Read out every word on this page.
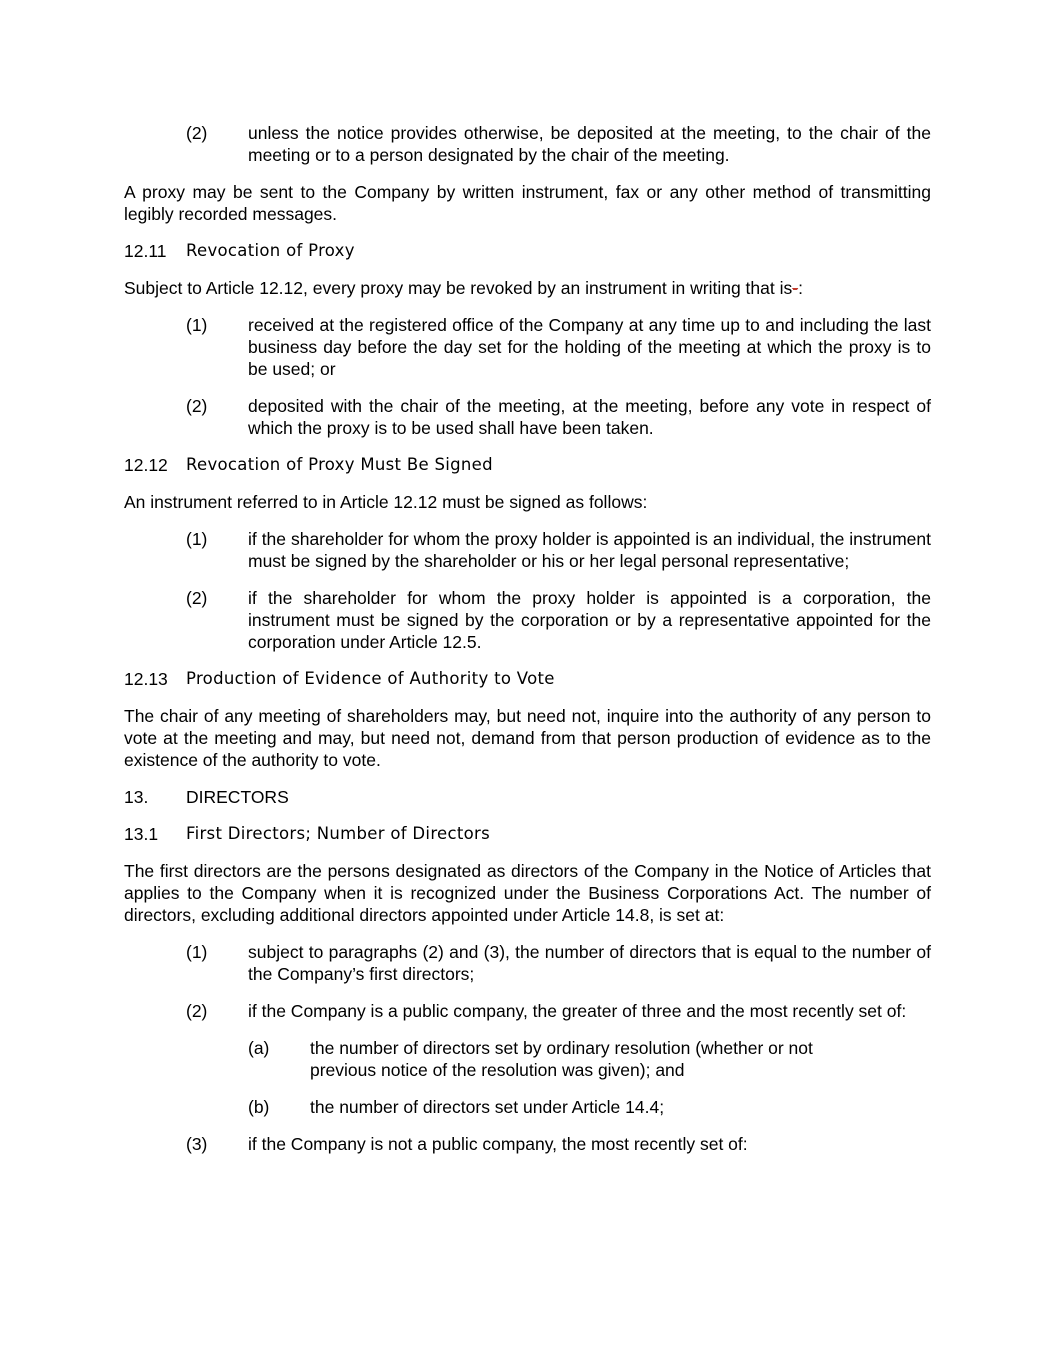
(2) unless the notice provides otherwise, be deposited at the meeting, to the chair of the meeting or to a person designated by the chair of the meeting.
A proxy may be sent to the Company by written instrument, fax or any other method of transmitting legibly recorded messages.
12.11 Revocation of Proxy
Subject to Article 12.12, every proxy may be revoked by an instrument in writing that is-:
(1) received at the registered office of the Company at any time up to and including the last business day before the day set for the holding of the meeting at which the proxy is to be used; or
(2) deposited with the chair of the meeting, at the meeting, before any vote in respect of which the proxy is to be used shall have been taken.
12.12 Revocation of Proxy Must Be Signed
An instrument referred to in Article 12.12 must be signed as follows:
(1) if the shareholder for whom the proxy holder is appointed is an individual, the instrument must be signed by the shareholder or his or her legal personal representative;
(2) if the shareholder for whom the proxy holder is appointed is a corporation, the instrument must be signed by the corporation or by a representative appointed for the corporation under Article 12.5.
12.13 Production of Evidence of Authority to Vote
The chair of any meeting of shareholders may, but need not, inquire into the authority of any person to vote at the meeting and may, but need not, demand from that person production of evidence as to the existence of the authority to vote.
13. DIRECTORS
13.1 First Directors; Number of Directors
The first directors are the persons designated as directors of the Company in the Notice of Articles that applies to the Company when it is recognized under the Business Corporations Act. The number of directors, excluding additional directors appointed under Article 14.8, is set at:
(1) subject to paragraphs (2) and (3), the number of directors that is equal to the number of the Company’s first directors;
(2) if the Company is a public company, the greater of three and the most recently set of:
(a) the number of directors set by ordinary resolution (whether or not previous notice of the resolution was given); and
(b) the number of directors set under Article 14.4;
(3) if the Company is not a public company, the most recently set of:
